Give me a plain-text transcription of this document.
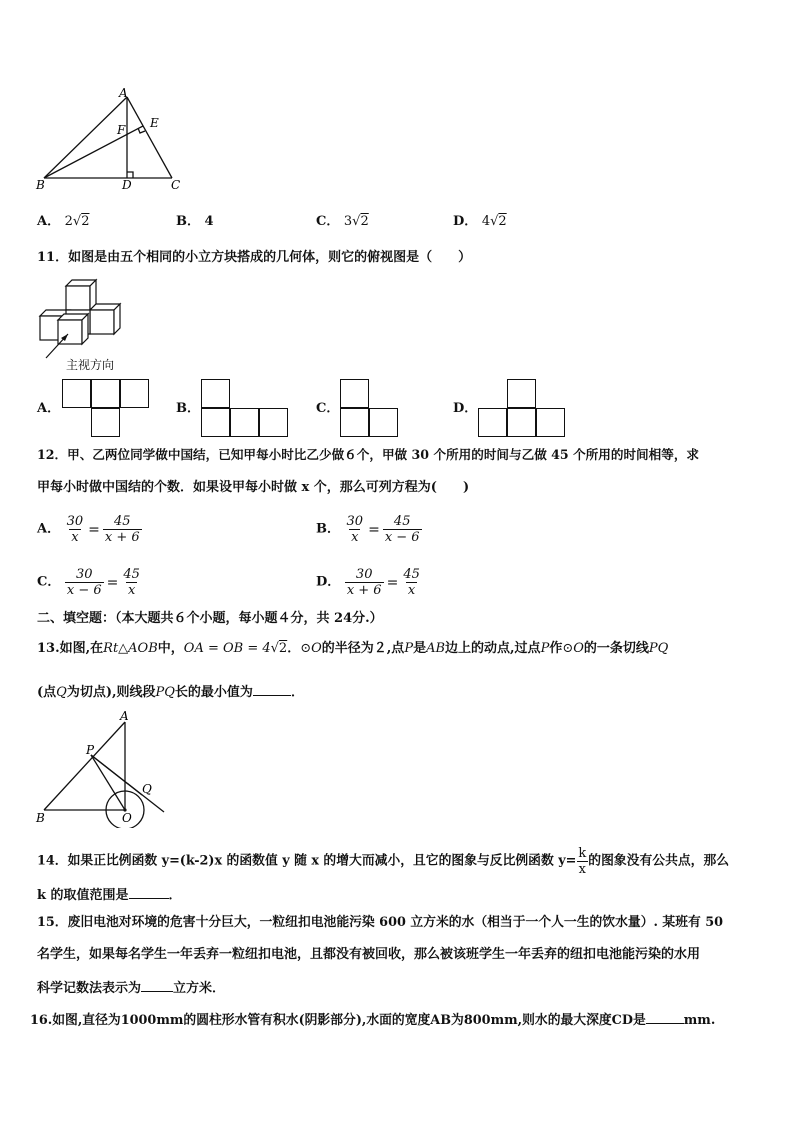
A
B	C
D
E
F
A． 2√2	B． 4	C． 3√2	D． 4√2
11．如图是由五个相同的小立方块搭成的几何体，则它的俯视图是（　　）
主视方向
A．	B．	C．	D．
12．甲、乙两位同学做中国结，已知甲每小时比乙少做６个，甲做 30 个所用的时间与乙做 45 个所用的时间相等，求
甲每小时做中国结的个数．如果设甲每小时做 x 个，那么可列方程为(　　)
A． $\frac{30}{x} = \frac{45}{x + 6}$	B． $\frac{30}{x} = \frac{45}{x - 6}$
C． $\frac{30}{x - 6} = \frac{45}{x}$	D． $\frac{30}{x + 6} = \frac{45}{x}$
二、填空题：（本大题共６个小题，每小题４分，共 24分.）
13.如图,在Rt△AOB中，OA = OB = 4√2．⊙O的半径为２,点P是AB边上的动点,过点P作⊙O的一条切线PQ
(点Q为切点),则线段PQ长的最小值为	．
A
B	O
P
Q
14．如果正比例函数 y=(k-2)x 的函数值 y 随 x 的增大而减小，且它的图象与反比例函数 $y= \frac{k}{x}$ 的图象没有公共点，那么
k 的取值范围是	．
15．废旧电池对环境的危害十分巨大，一粒纽扣电池能污染 600 立方米的水（相当于一个人一生的饮水量）. 某班有 50
名学生，如果每名学生一年丢弃一粒纽扣电池，且都没有被回收，那么被该班学生一年丢弃的纽扣电池能污染的水用
科学记数法表示为 立方米．
16.如图,直径为1000mm的圆柱形水管有积水(阴影部分),水面的宽度AB为800mm,则水的最大深度CD是	mm.
